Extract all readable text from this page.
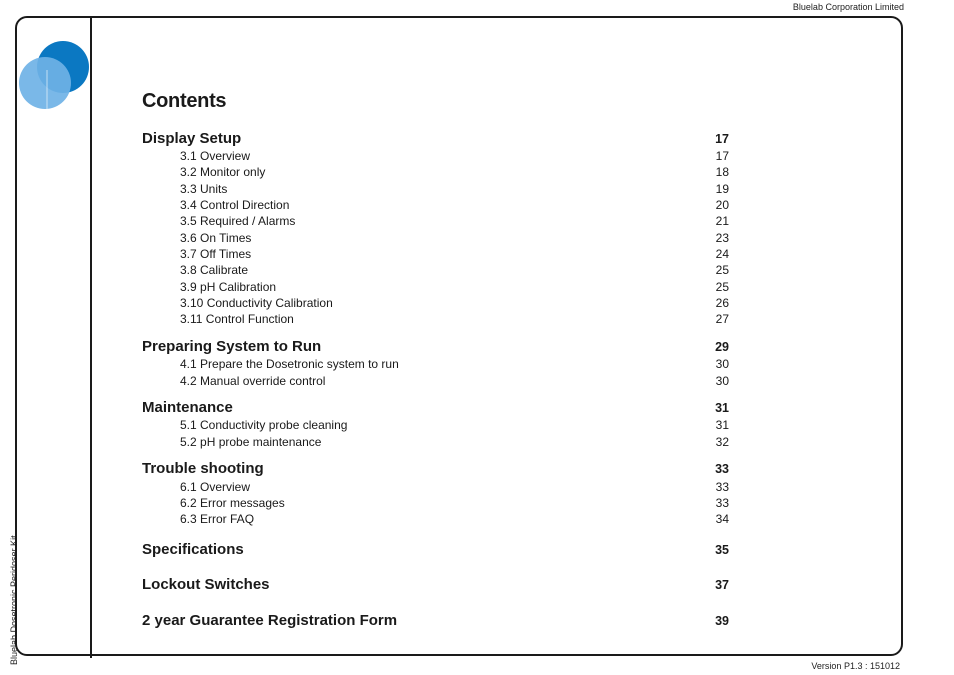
Bluelab Corporation Limited
Version P1.3 : 151012
Bluelab Dosetronic Peridoser Kit
Contents
Display Setup	17
3.1 Overview	17
3.2 Monitor only	18
3.3 Units	19
3.4 Control Direction	20
3.5 Required / Alarms	21
3.6 On Times	23
3.7 Off Times	24
3.8 Calibrate	25
3.9 pH Calibration	25
3.10 Conductivity Calibration	26
3.11 Control Function	27
Preparing System to Run	29
4.1 Prepare the Dosetronic system to run	30
4.2 Manual override control	30
Maintenance	31
5.1 Conductivity probe cleaning	31
5.2 pH probe maintenance	32
Trouble shooting	33
6.1 Overview	33
6.2 Error messages	33
6.3 Error FAQ	34
Specifications	35
Lockout Switches	37
2 year Guarantee Registration Form	39
